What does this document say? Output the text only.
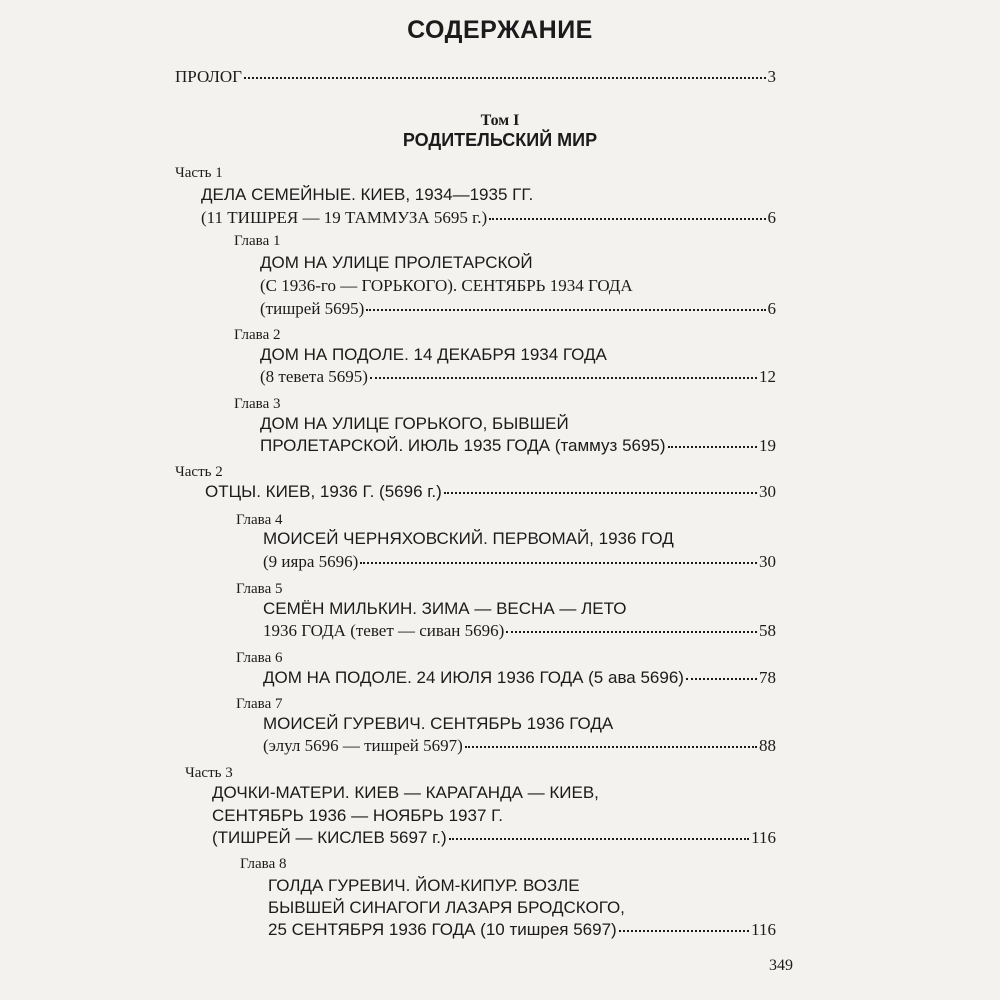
СОДЕРЖАНИЕ
ПРОЛОГ	3
Том I
РОДИТЕЛЬСКИЙ МИР
Часть 1
ДЕЛА СЕМЕЙНЫЕ. КИЕВ, 1934—1935 ГГ.
(11 ТИШРЕЯ — 19 ТАММУЗА 5695 г.)	6
Глава 1
ДОМ НА УЛИЦЕ ПРОЛЕТАРСКОЙ
(С 1936-го — ГОРЬКОГО). СЕНТЯБРЬ 1934 ГОДА
(тишрей 5695)	6
Глава 2
ДОМ НА ПОДОЛЕ. 14 ДЕКАБРЯ 1934 ГОДА
(8 тевета 5695)	12
Глава 3
ДОМ НА УЛИЦЕ ГОРЬКОГО, БЫВШЕЙ
ПРОЛЕТАРСКОЙ. ИЮЛЬ 1935 ГОДА (таммуз 5695)	19
Часть 2
ОТЦЫ. КИЕВ, 1936 Г. (5696 г.)	30
Глава 4
МОИСЕЙ ЧЕРНЯХОВСКИЙ. ПЕРВОМАЙ, 1936 ГОД
(9 ияра 5696)	30
Глава 5
СЕМЁН МИЛЬКИН. ЗИМА — ВЕСНА — ЛЕТО
1936 ГОДА (тевет — сиван 5696)	58
Глава 6
ДОМ НА ПОДОЛЕ. 24 ИЮЛЯ 1936 ГОДА (5 ава 5696)	78
Глава 7
МОИСЕЙ ГУРЕВИЧ. СЕНТЯБРЬ 1936 ГОДА
(элул 5696 — тишрей 5697)	88
Часть 3
ДОЧКИ-МАТЕРИ. КИЕВ — КАРАГАНДА — КИЕВ,
СЕНТЯБРЬ 1936 — НОЯБРЬ 1937 Г.
(ТИШРЕЙ — КИСЛЕВ 5697 г.)	116
Глава 8
ГОЛДА ГУРЕВИЧ. ЙОМ-КИПУР. ВОЗЛЕ
БЫВШЕЙ СИНАГОГИ ЛАЗАРЯ БРОДСКОГО,
25 СЕНТЯБРЯ 1936 ГОДА (10 тишрея 5697)	116
349
